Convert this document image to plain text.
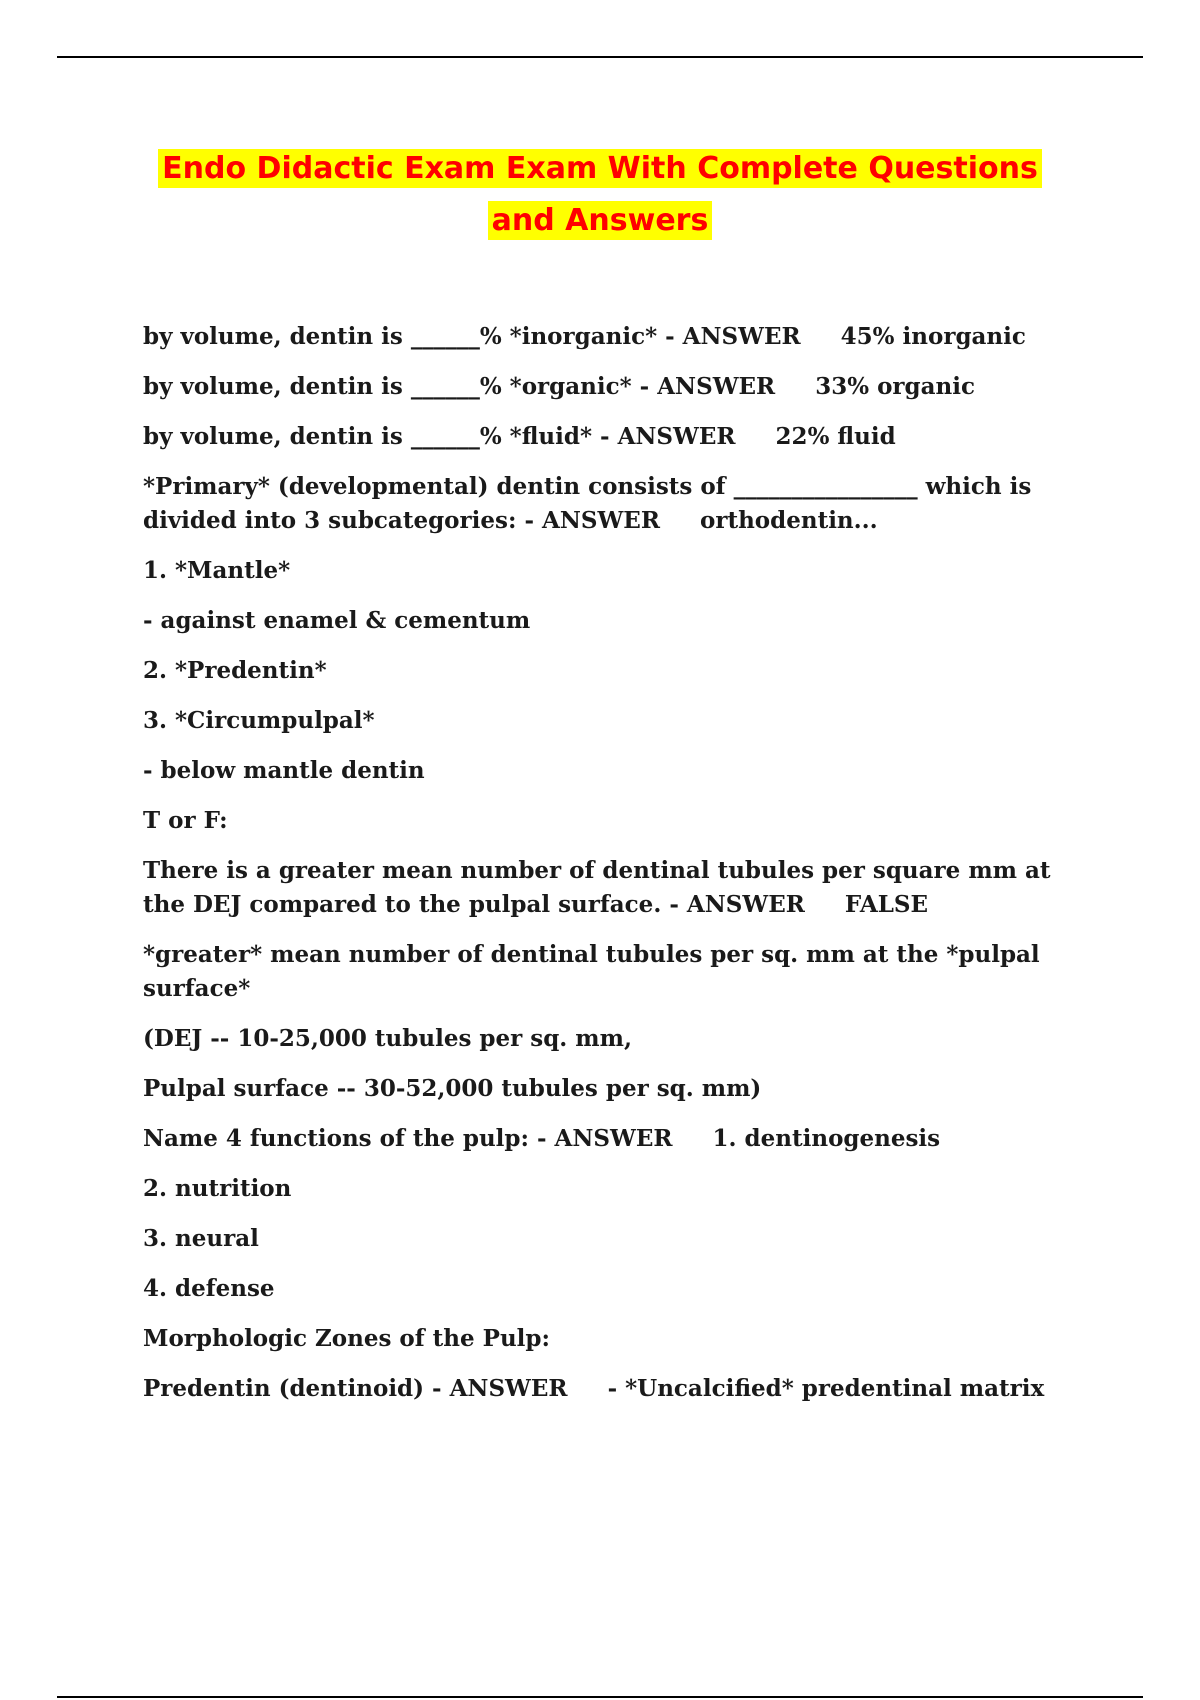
Endo Didactic Exam Exam With Complete Questions
and Answers

by volume, dentin is ______% *inorganic* - ANSWER     45% inorganic

by volume, dentin is ______% *organic* - ANSWER     33% organic

by volume, dentin is ______% *fluid* - ANSWER     22% fluid

*Primary* (developmental) dentin consists of ________________ which is divided into 3 subcategories: - ANSWER     orthodentin...

1. *Mantle*

- against enamel & cementum

2. *Predentin*

3. *Circumpulpal*

- below mantle dentin

T or F:

There is a greater mean number of dentinal tubules per square mm at the DEJ compared to the pulpal surface. - ANSWER     FALSE

*greater* mean number of dentinal tubules per sq. mm at the *pulpal surface*

(DEJ -- 10-25,000 tubules per sq. mm,

Pulpal surface -- 30-52,000 tubules per sq. mm)

Name 4 functions of the pulp: - ANSWER     1. dentinogenesis

2. nutrition

3. neural

4. defense

Morphologic Zones of the Pulp:

Predentin (dentinoid) - ANSWER     - *Uncalcified* predentinal matrix
